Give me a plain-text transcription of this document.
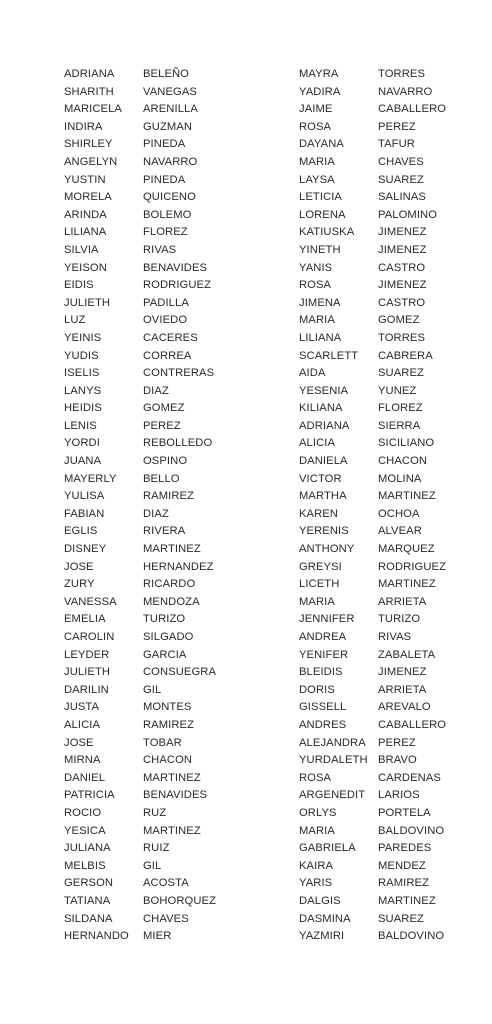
ADRIANA
SHARITH
MARICELA
INDIRA
SHIRLEY
ANGELYN
YUSTIN
MORELA
ARINDA
LILIANA
SILVIA
YEISON
EIDIS
JULIETH
LUZ
YEINIS
YUDIS
ISELIS
LANYS
HEIDIS
LENIS
YORDI
JUANA
MAYERLY
YULISA
FABIAN
EGLIS
DISNEY
JOSE
ZURY
VANESSA
EMELIA
CAROLIN
LEYDER
JULIETH
DARILIN
JUSTA
ALICIA
JOSE
MIRNA
DANIEL
PATRICIA
ROCIO
YESICA
JULIANA
MELBIS
GERSON
TATIANA
SILDANA
HERNANDO
BELEÑO
VANEGAS
ARENILLA
GUZMAN
PINEDA
NAVARRO
PINEDA
QUICENO
BOLEMO
FLOREZ
RIVAS
BENAVIDES
RODRIGUEZ
PADILLA
OVIEDO
CACERES
CORREA
CONTRERAS
DIAZ
GOMEZ
PEREZ
REBOLLEDO
OSPINO
BELLO
RAMIREZ
DIAZ
RIVERA
MARTINEZ
HERNANDEZ
RICARDO
MENDOZA
TURIZO
SILGADO
GARCIA
CONSUEGRA
GIL
MONTES
RAMIREZ
TOBAR
CHACON
MARTINEZ
BENAVIDES
RUZ
MARTINEZ
RUIZ
GIL
ACOSTA
BOHORQUEZ
CHAVES
MIER
MAYRA
YADIRA
JAIME
ROSA
DAYANA
MARIA
LAYSA
LETICIA
LORENA
KATIUSKA
YINETH
YANIS
ROSA
JIMENA
MARIA
LILIANA
SCARLETT
AIDA
YESENIA
KILIANA
ADRIANA
ALICIA
DANIELA
VICTOR
MARTHA
KAREN
YERENIS
ANTHONY
GREYSI
LICETH
MARIA
JENNIFER
ANDREA
YENIFER
BLEIDIS
DORIS
GISSELL
ANDRES
ALEJANDRA
YURDALETH
ROSA
ARGENEDIT
ORLYS
MARIA
GABRIELA
KAIRA
YARIS
DALGIS
DASMINA
YAZMIRI
TORRES
NAVARRO
CABALLERO
PEREZ
TAFUR
CHAVES
SUAREZ
SALINAS
PALOMINO
JIMENEZ
JIMENEZ
CASTRO
JIMENEZ
CASTRO
GOMEZ
TORRES
CABRERA
SUAREZ
YUNEZ
FLOREZ
SIERRA
SICILIANO
CHACON
MOLINA
MARTINEZ
OCHOA
ALVEAR
MARQUEZ
RODRIGUEZ
MARTINEZ
ARRIETA
TURIZO
RIVAS
ZABALETA
JIMENEZ
ARRIETA
AREVALO
CABALLERO
PEREZ
BRAVO
CARDENAS
LARIOS
PORTELA
BALDOVINO
PAREDES
MENDEZ
RAMIREZ
MARTINEZ
SUAREZ
BALDOVINO
